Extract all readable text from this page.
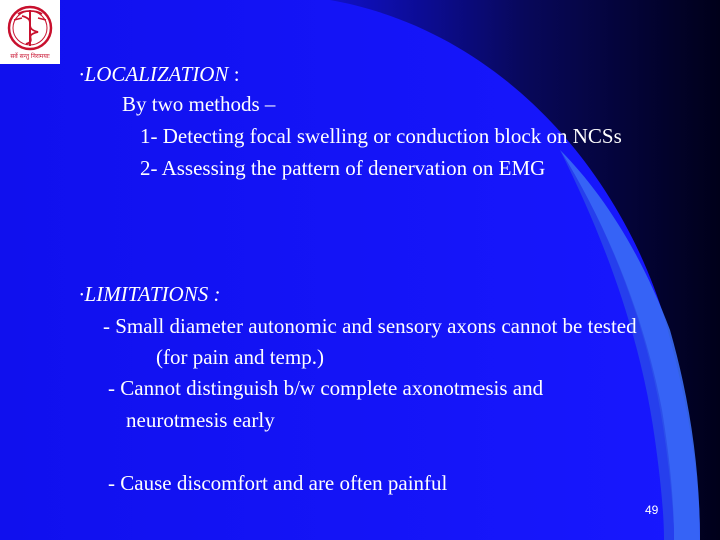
सर्वे सन्तु निरामयाः
•LOCALIZATION :
By two methods –
1- Detecting focal swelling or conduction block on NCSs
2- Assessing the pattern of denervation on EMG
•LIMITATIONS :
- Small diameter autonomic and sensory axons cannot be tested
(for pain and temp.)
- Cannot distinguish b/w complete axonotmesis and
neurotmesis early
- Cause discomfort and are often painful
49
